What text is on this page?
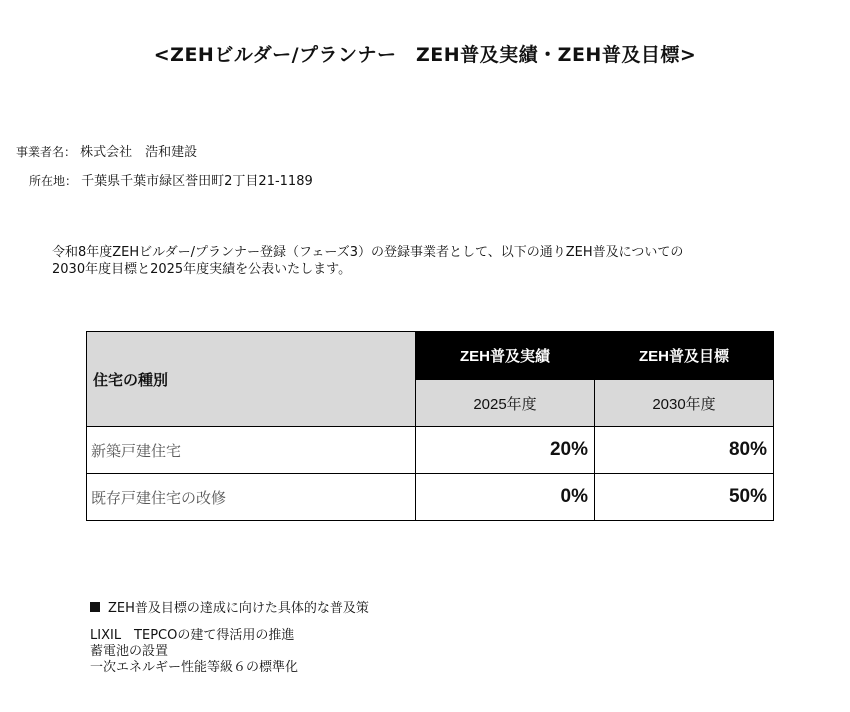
<ZEHビルダー/プランナー　ZEH普及実績・ZEH普及目標>
事業者名： 株式会社　浩和建設
所在地： 千葉県千葉市緑区誉田町2丁目21-1189
令和8年度ZEHビルダー/プランナー登録（フェーズ3）の登録事業者として、以下の通りZEH普及についての
2030年度目標と2025年度実績を公表いたします。
住宅の種別	ZEH普及実績	ZEH普及目標
	2025年度	2030年度
新築戸建住宅	20%	80%
既存戸建住宅の改修	0%	50%
ZEH普及目標の達成に向けた具体的な普及策
LIXIL　TEPCOの建て得活用の推進
蓄電池の設置
一次エネルギー性能等級６の標準化
